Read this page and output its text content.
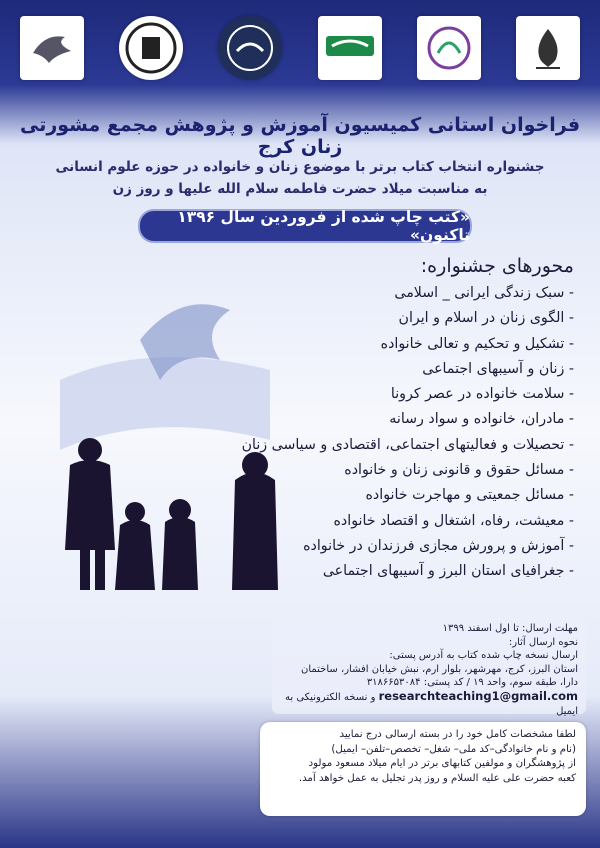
فراخوان استانی کمیسیون آموزش و پژوهش مجمع مشورتی زنان کرج
جشنواره انتخاب کتاب برتر با موضوع زنان و خانواده در حوزه علوم انسانی
به مناسبت میلاد حضرت فاطمه سلام الله علیها و روز زن
«کتب چاپ شده از فروردین سال ۱۳۹۶ تاکنون»
محورهای جشنواره:
- سبک زندگی ایرانی _ اسلامی
- الگوی زنان در اسلام و ایران
- تشکیل و تحکیم و تعالی خانواده
- زنان و آسیبهای اجتماعی
- سلامت خانواده در عصر کرونا
- مادران، خانواده و سواد رسانه
- تحصیلات و فعالیتهای اجتماعی، اقتصادی و سیاسی زنان
- مسائل حقوق و قانونی زنان و خانواده
- مسائل جمعیتی و مهاجرت خانواده
- معیشت، رفاه، اشتغال و اقتصاد خانواده
- آموزش و پرورش مجازی فرزندان در خانواده
- جغرافیای استان البرز و آسیبهای اجتماعی
مهلت ارسال: تا اول اسفند ۱۳۹۹
نحوه ارسال آثار:
ارسال نسخه چاپ شده کتاب به آدرس پستی:
استان البرز، کرج، مهرشهر، بلوار ارم، نبش خیابان افشار، ساختمان
دارا، طبقه سوم، واحد ۱۹ / کد پستی: ۳۱۸۶۶۵۳۰۸۴
researchteaching1@gmail.com و نسخه الکترونیکی به ایمیل
لطفا مشخصات کامل خود را در بسته ارسالی درج نمایید
(نام و نام خانوادگی–کد ملی– شغل– تخصص–تلفن– ایمیل)
از پژوهشگران و مولفین کتابهای برتر در ایام میلاد مسعود مولود
کعبه حضرت علی علیه السلام و روز پدر تجلیل به عمل خواهد آمد.
